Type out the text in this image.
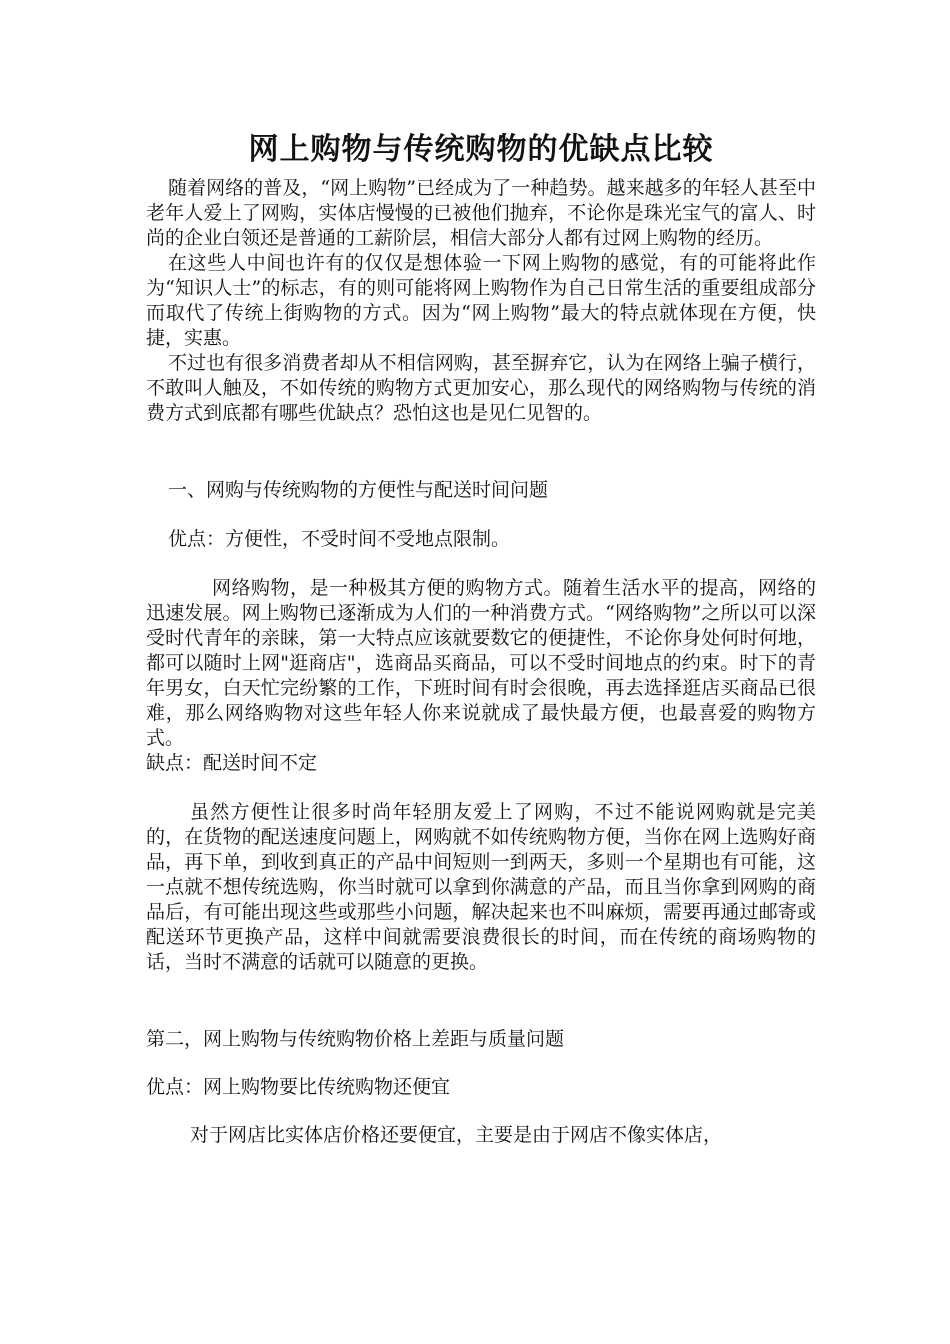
网上购物与传统购物的优缺点比较

随着网络的普及，“网上购物”已经成为了一种趋势。越来越多的年轻人甚至中老年人爱上了网购，实体店慢慢的已被他们抛弃，不论你是珠光宝气的富人、时尚的企业白领还是普通的工薪阶层，相信大部分人都有过网上购物的经历。

在这些人中间也许有的仅仅是想体验一下网上购物的感觉，有的可能将此作为“知识人士”的标志，有的则可能将网上购物作为自己日常生活的重要组成部分而取代了传统上街购物的方式。因为“网上购物”最大的特点就体现在方便，快捷，实惠。

不过也有很多消费者却从不相信网购，甚至摒弃它，认为在网络上骗子横行，不敢叫人触及，不如传统的购物方式更加安心，那么现代的网络购物与传统的消费方式到底都有哪些优缺点？恐怕这也是见仁见智的。

一、网购与传统购物的方便性与配送时间问题

优点：方便性，不受时间不受地点限制。

网络购物，是一种极其方便的购物方式。随着生活水平的提高，网络的迅速发展。网上购物已逐渐成为人们的一种消费方式。“网络购物”之所以可以深受时代青年的亲睐，第一大特点应该就要数它的便捷性，不论你身处何时何地，都可以随时上网"逛商店"，选商品买商品，可以不受时间地点的约束。时下的青年男女，白天忙完纷繁的工作，下班时间有时会很晚，再去选择逛店买商品已很难，那么网络购物对这些年轻人你来说就成了最快最方便，也最喜爱的购物方式。

缺点：配送时间不定

虽然方便性让很多时尚年轻朋友爱上了网购，不过不能说网购就是完美的，在货物的配送速度问题上，网购就不如传统购物方便，当你在网上选购好商品，再下单，到收到真正的产品中间短则一到两天，多则一个星期也有可能，这一点就不想传统选购，你当时就可以拿到你满意的产品，而且当你拿到网购的商品后，有可能出现这些或那些小问题，解决起来也不叫麻烦，需要再通过邮寄或配送环节更换产品，这样中间就需要浪费很长的时间，而在传统的商场购物的话，当时不满意的话就可以随意的更换。

第二，网上购物与传统购物价格上差距与质量问题

优点：网上购物要比传统购物还便宜

对于网店比实体店价格还要便宜，主要是由于网店不像实体店，
